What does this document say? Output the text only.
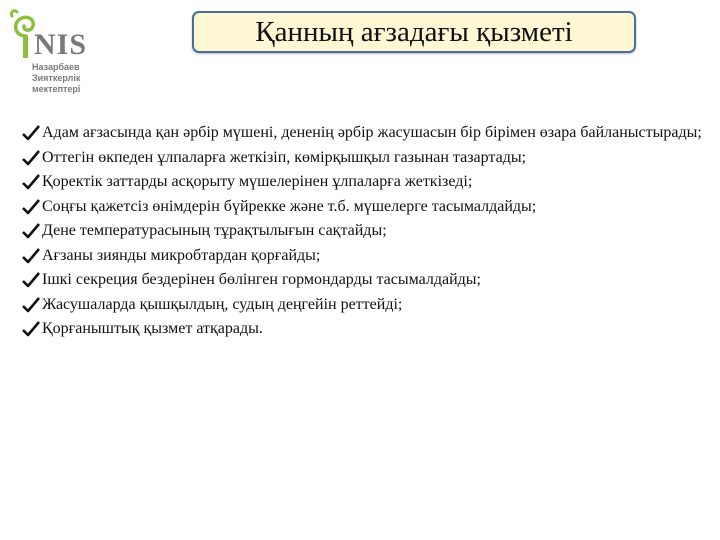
NIS
Назарбаев
Зияткерлік
мектептері
Қанның ағзадағы қызметі
Адам ағзасында қан әрбір мүшені, дененің әрбір жасушасын бір бірімен өзара байланыстырады;
Оттегін өкпеден ұлпаларға жеткізіп, көмірқышқыл газынан тазартады;
Қоректік заттарды асқорыту мүшелерінен ұлпаларға жеткізеді;
Соңғы қажетсіз өнімдерін бүйрекке және т.б. мүшелерге тасымалдайды;
Дене температурасының тұрақтылығын сақтайды;
Ағзаны зиянды микробтардан қорғайды;
Ішкі секреция бездерінен бөлінген гормондарды тасымалдайды;
Жасушаларда қышқылдың, судың деңгейін реттейді;
Қорғаныштық қызмет атқарады.
